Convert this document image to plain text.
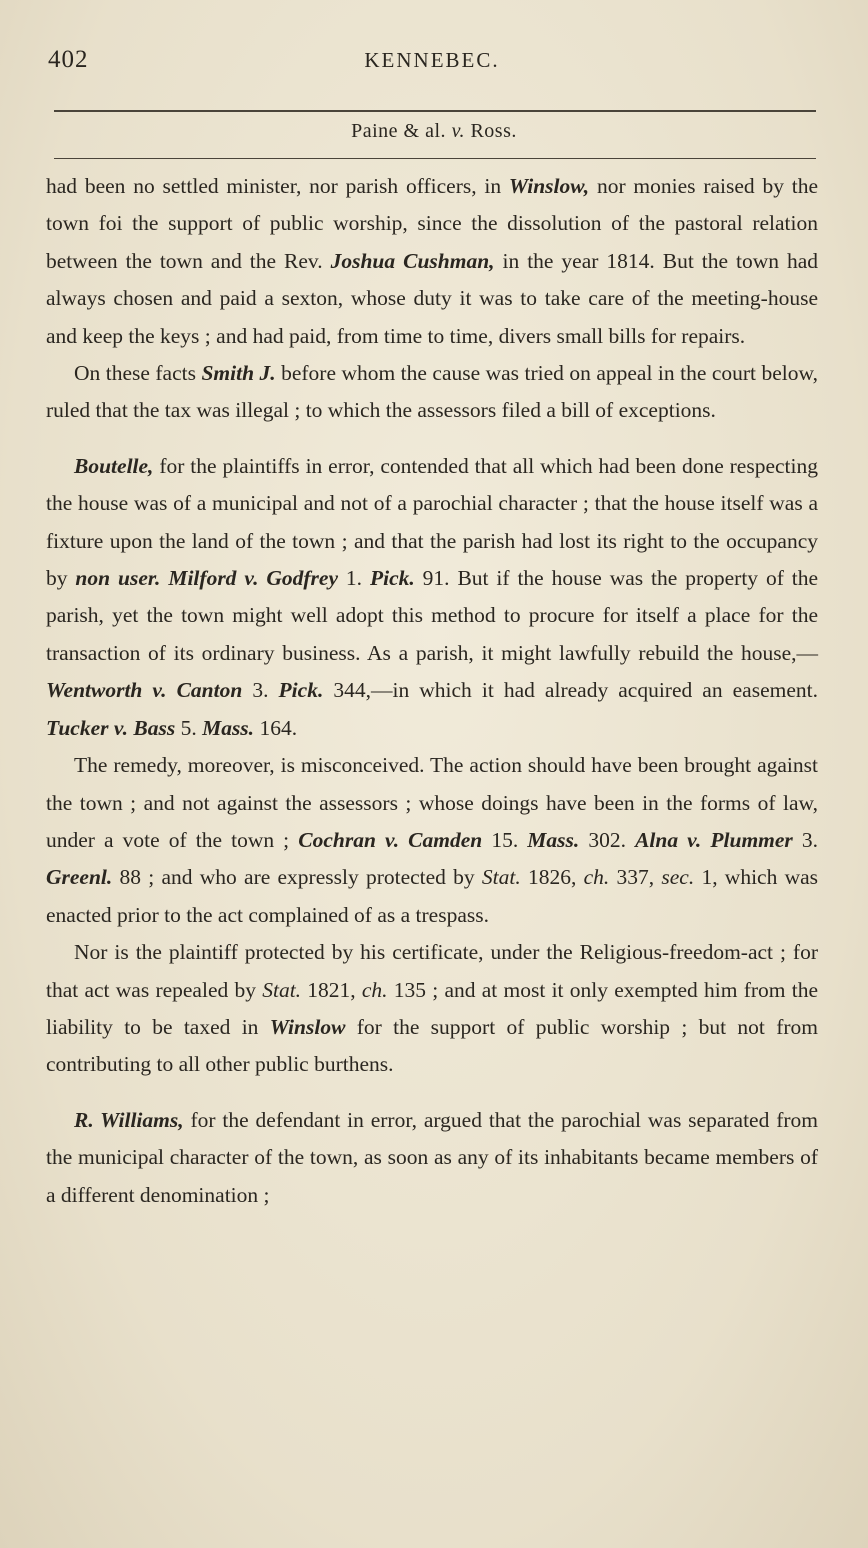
402	KENNEBEC.
Paine & al. v. Ross.

had been no settled minister, nor parish officers, in Winslow, nor monies raised by the town foi the support of public worship, since the dissolution of the pastoral relation between the town and the Rev. Joshua Cushman, in the year 1814. But the town had always chosen and paid a sexton, whose duty it was to take care of the meeting-house and keep the keys ; and had paid, from time to time, divers small bills for repairs.

On these facts Smith J. before whom the cause was tried on appeal in the court below, ruled that the tax was illegal ; to which the assessors filed a bill of exceptions.

Boutelle, for the plaintiffs in error, contended that all which had been done respecting the house was of a municipal and not of a parochial character ; that the house itself was a fixture upon the land of the town ; and that the parish had lost its right to the occupancy by non user. Milford v. Godfrey 1. Pick. 91. But if the house was the property of the parish, yet the town might well adopt this method to procure for itself a place for the transaction of its ordinary business. As a parish, it might lawfully rebuild the house,—Wentworth v. Canton 3. Pick. 344,—in which it had already acquired an easement. Tucker v. Bass 5. Mass. 164.

The remedy, moreover, is misconceived. The action should have been brought against the town ; and not against the assessors ; whose doings have been in the forms of law, under a vote of the town ; Cochran v. Camden 15. Mass. 302. Alna v. Plummer 3. Greenl. 88 ; and who are expressly protected by Stat. 1826, ch. 337, sec. 1, which was enacted prior to the act complained of as a trespass.

Nor is the plaintiff protected by his certificate, under the Religious-freedom-act ; for that act was repealed by Stat. 1821, ch. 135 ; and at most it only exempted him from the liability to be taxed in Winslow for the support of public worship ; but not from contributing to all other public burthens.

R. Williams, for the defendant in error, argued that the parochial was separated from the municipal character of the town, as soon as any of its inhabitants became members of a different denomination ;
